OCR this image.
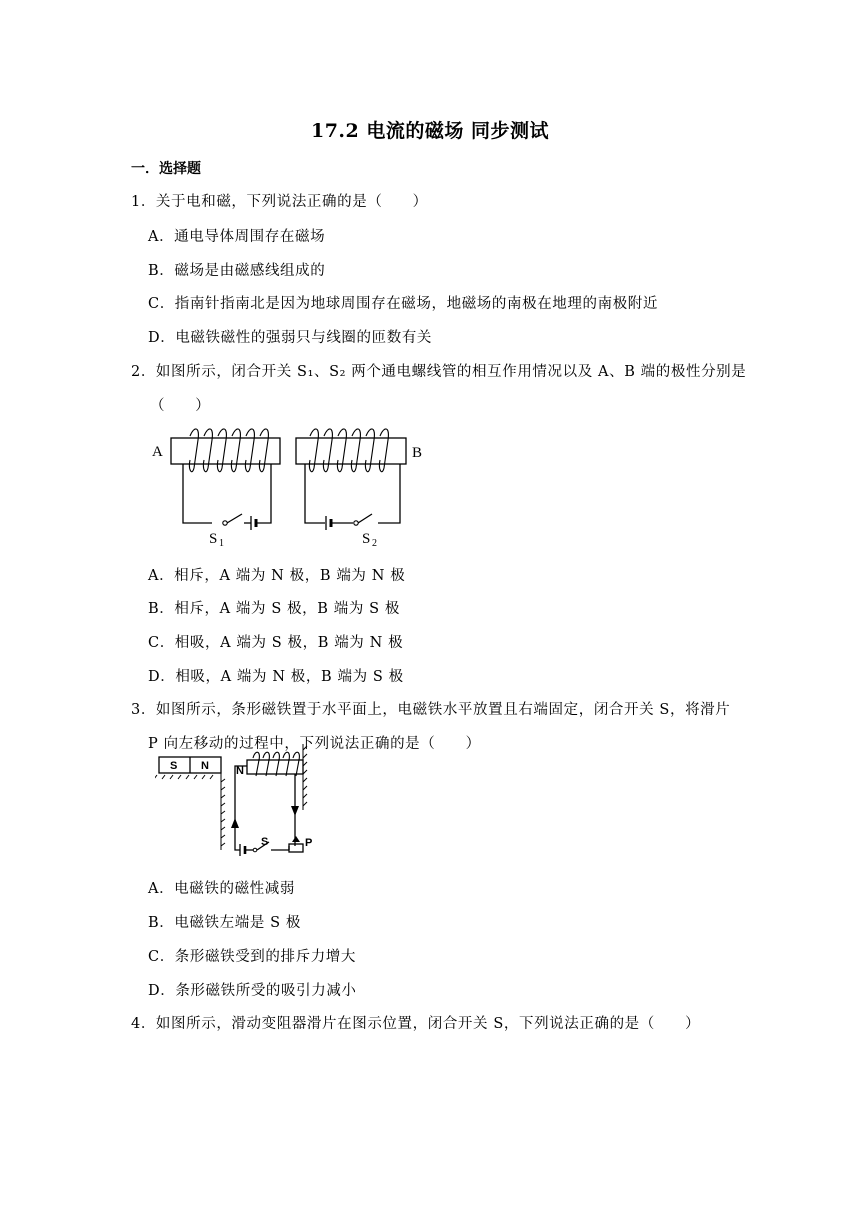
17.2 电流的磁场 同步测试
一．选择题
1．关于电和磁，下列说法正确的是（　　）
A．通电导体周围存在磁场
B．磁场是由磁感线组成的
C．指南针指南北是因为地球周围存在磁场，地磁场的南极在地理的南极附近
D．电磁铁磁性的强弱只与线圈的匝数有关
2．如图所示，闭合开关 S₁、S₂ 两个通电螺线管的相互作用情况以及 A、B 端的极性分别是
（　　）
A	B
S 1	S 2
A．相斥，A 端为 N 极，B 端为 N 极
B．相斥，A 端为 S 极，B 端为 S 极
C．相吸，A 端为 S 极，B 端为 N 极
D．相吸，A 端为 N 极，B 端为 S 极
3．如图所示，条形磁铁置于水平面上，电磁铁水平放置且右端固定，闭合开关 S，将滑片
P 向左移动的过程中，下列说法正确的是（　　）
S N N
S	P
A．电磁铁的磁性减弱
B．电磁铁左端是 S 极
C．条形磁铁受到的排斥力增大
D．条形磁铁所受的吸引力减小
4．如图所示，滑动变阻器滑片在图示位置，闭合开关 S，下列说法正确的是（　　）
